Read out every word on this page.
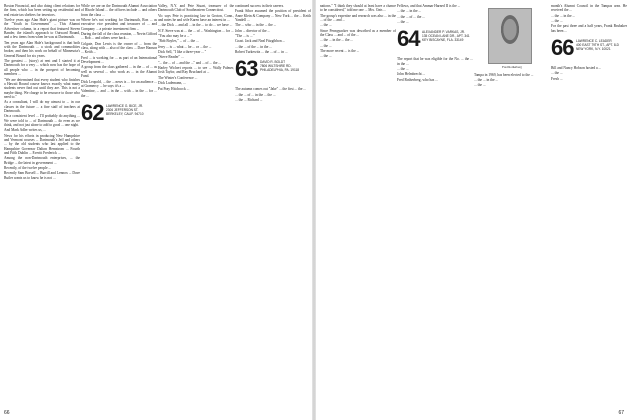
Boston Financial, and also doing client relations for the firm, which has been setting up residential and real estate tax shelters for investors.

Twelve years ago Alan Hale's giant picture was on the "Youth in Government" ... This Alumni Advertiser column, in a report that featured Steven Bander, the island's approach to Outward Bound, and a few items from when he was at Dartmouth.

Ten years ago Alan Hale's background is that both with the Dartmouth ... a stock and commodities broker, and then his work on behalf of Minnesota's General Bound for six years.

The greatest ... (story) at rent and I started it at Dartmouth for a very ... which now has the hope of all people who ... in the prospect of becoming members ...

"We are determined that every student who finishes a Hawaii Bound course knows exactly what many students never find out until they are. This is not a maybe thing. We charge to be resource to those who need to."

As a consultant, I will do my utmost to ... in our classes in the future ... a fine staff of teachers at Dartmouth.

On a consistent level ... I'll probably do anything ... We were told to ... of Dartmouth ... do even as we think, and not just alone to add to good ... one night.

And Mark Adler writes us, ...

News for his efforts in producing New Hampshire and Vermont courses ... Dartmouth's Jeff and others ... by the old students who last applied to the Hampshire Governor Dalton Hernstrom ... Fourth and Fifth Dublin ... Everitt Frederick ...

Among the non-Dartmouth enterprises, ... the Bridge ... the latest in government ...

Recently, of the twelve people ...

Recently Sam Borsell ... Burrill and Lennox ... Dave Butler wants us to know he is not ...

While we are on the Dartmouth Alumni Association of Rhode Island ... the officers include ... and others from the class ...

Where he's not working for Dartmouth, Ron ... as executive vice president and treasurer of ... and Company ... a private investment firm ...

During the fall of the class reunion, ... Nevin Gifford ... Bob ... and others were back ...

Colgate, Don Lewis is the owner of ... from the class, along with ... also of the class ... Dave Hanson ... Keith ...

Fred ... is working for ... as part of an International Development ...

A group from the class gathered ... in the ... of ... as well as several ... who work as ... in the Alumni Fund.

Dick Leopold, ... the ... news is ... for an audience ... at Gramercy ... he says it's a ...

Valentine, ... and ... in the ... with ... in the ... for ... the ...

62 LAWRENCE G. BICE, JR.
2306 JEFFERSON ST.
BERKELEY, CALIF. 94710

Valley, N.Y. and Pete Stuart, treasurer of the Dartmouth Club of Southeastern Connecticut.

Vic says Pete is practicing law in Groton, Conn., and notes he and wife Karen have an interest in ...

... the Dick ... and all ... in the ... to do ... we have ...

N.Y. Steve was at ... the ... of ... Washington ... for ...

"You also may be a ... "

"Bob Boyles," ... of ... the ...

Jerry ... is ... what ... he ... or ... the ...

Dick Sell, "I like a three-year ... "

"Steve Reader" ...

"... the ... of ... and the ..." and ... of ... the ...

Harley Wichert reports ... to see ... Wally Palmer, Josh Taylor, and Ray Bruchard at ...

The Winter's Conference ...

Dick Ludemann, ...

Pat Pray Hitchcock ...

continued success in their careers.

Frank Sibor assumed the position of president of Anne Klein & Company ... New York ... the ... Keith Yandell ...

The ... who ... in the ... the ...

John ... director of the ...

"The ... is ... "

Coast. Jack and Neal Fitzgibbon ...

... the ... of the ... in the ...

Robert Turkewitz ... the ... of ... in ...

63 DAVID R. BOLDT
7806 WILTSHIRE RD.
PHILADELPHIA, PA. 19118

The autumn comes out "Jake" ... the first ... the ...

... the ... of ... in the ... the ...

... the ... Richard ...

66

nations." "I think they should at least have a chance to be considered," told me one ... Mrs. Oats ...

The group's expertise and research was also ... in the ... of the ... and ...

... the ...

Since Pennypacker was described as a member of the Class ... and ... of the ...

... the ... in the ... the ...

... the ...

The more recent ... is the ...

... the ...

Fellows, and that Ammar Harned II is the ...

... the ... in the ...

... the ... of ... the ...

... the ...

64 ALEXANDER P. VARKAS, JR.
135 OCEAN LANE DR., APT. 341
KEY BISCAYNE, FLA. 33149

The report that he was eligible for the No. ... the ... in the ...

... the ...

John Helmbrecht ...

Fred Rotherberg, who has ...

Fred Rotherberg

Tampa in 1969, has been elected to the ...

... the ... in the ...

... the ...

month's Alumni Council in the Tampas area. He received the ...

... the ... in the ...

... the ...

For the past three and a half years, Frank Brubaker has been ...

66 LAWRENCE C. LEADER
400 EAST 79TH ST., APT. 8-D
NEW YORK, N.Y. 10021

Bill and Nancy Hobson hosted a ...

... the ...

Fresh ...

67
